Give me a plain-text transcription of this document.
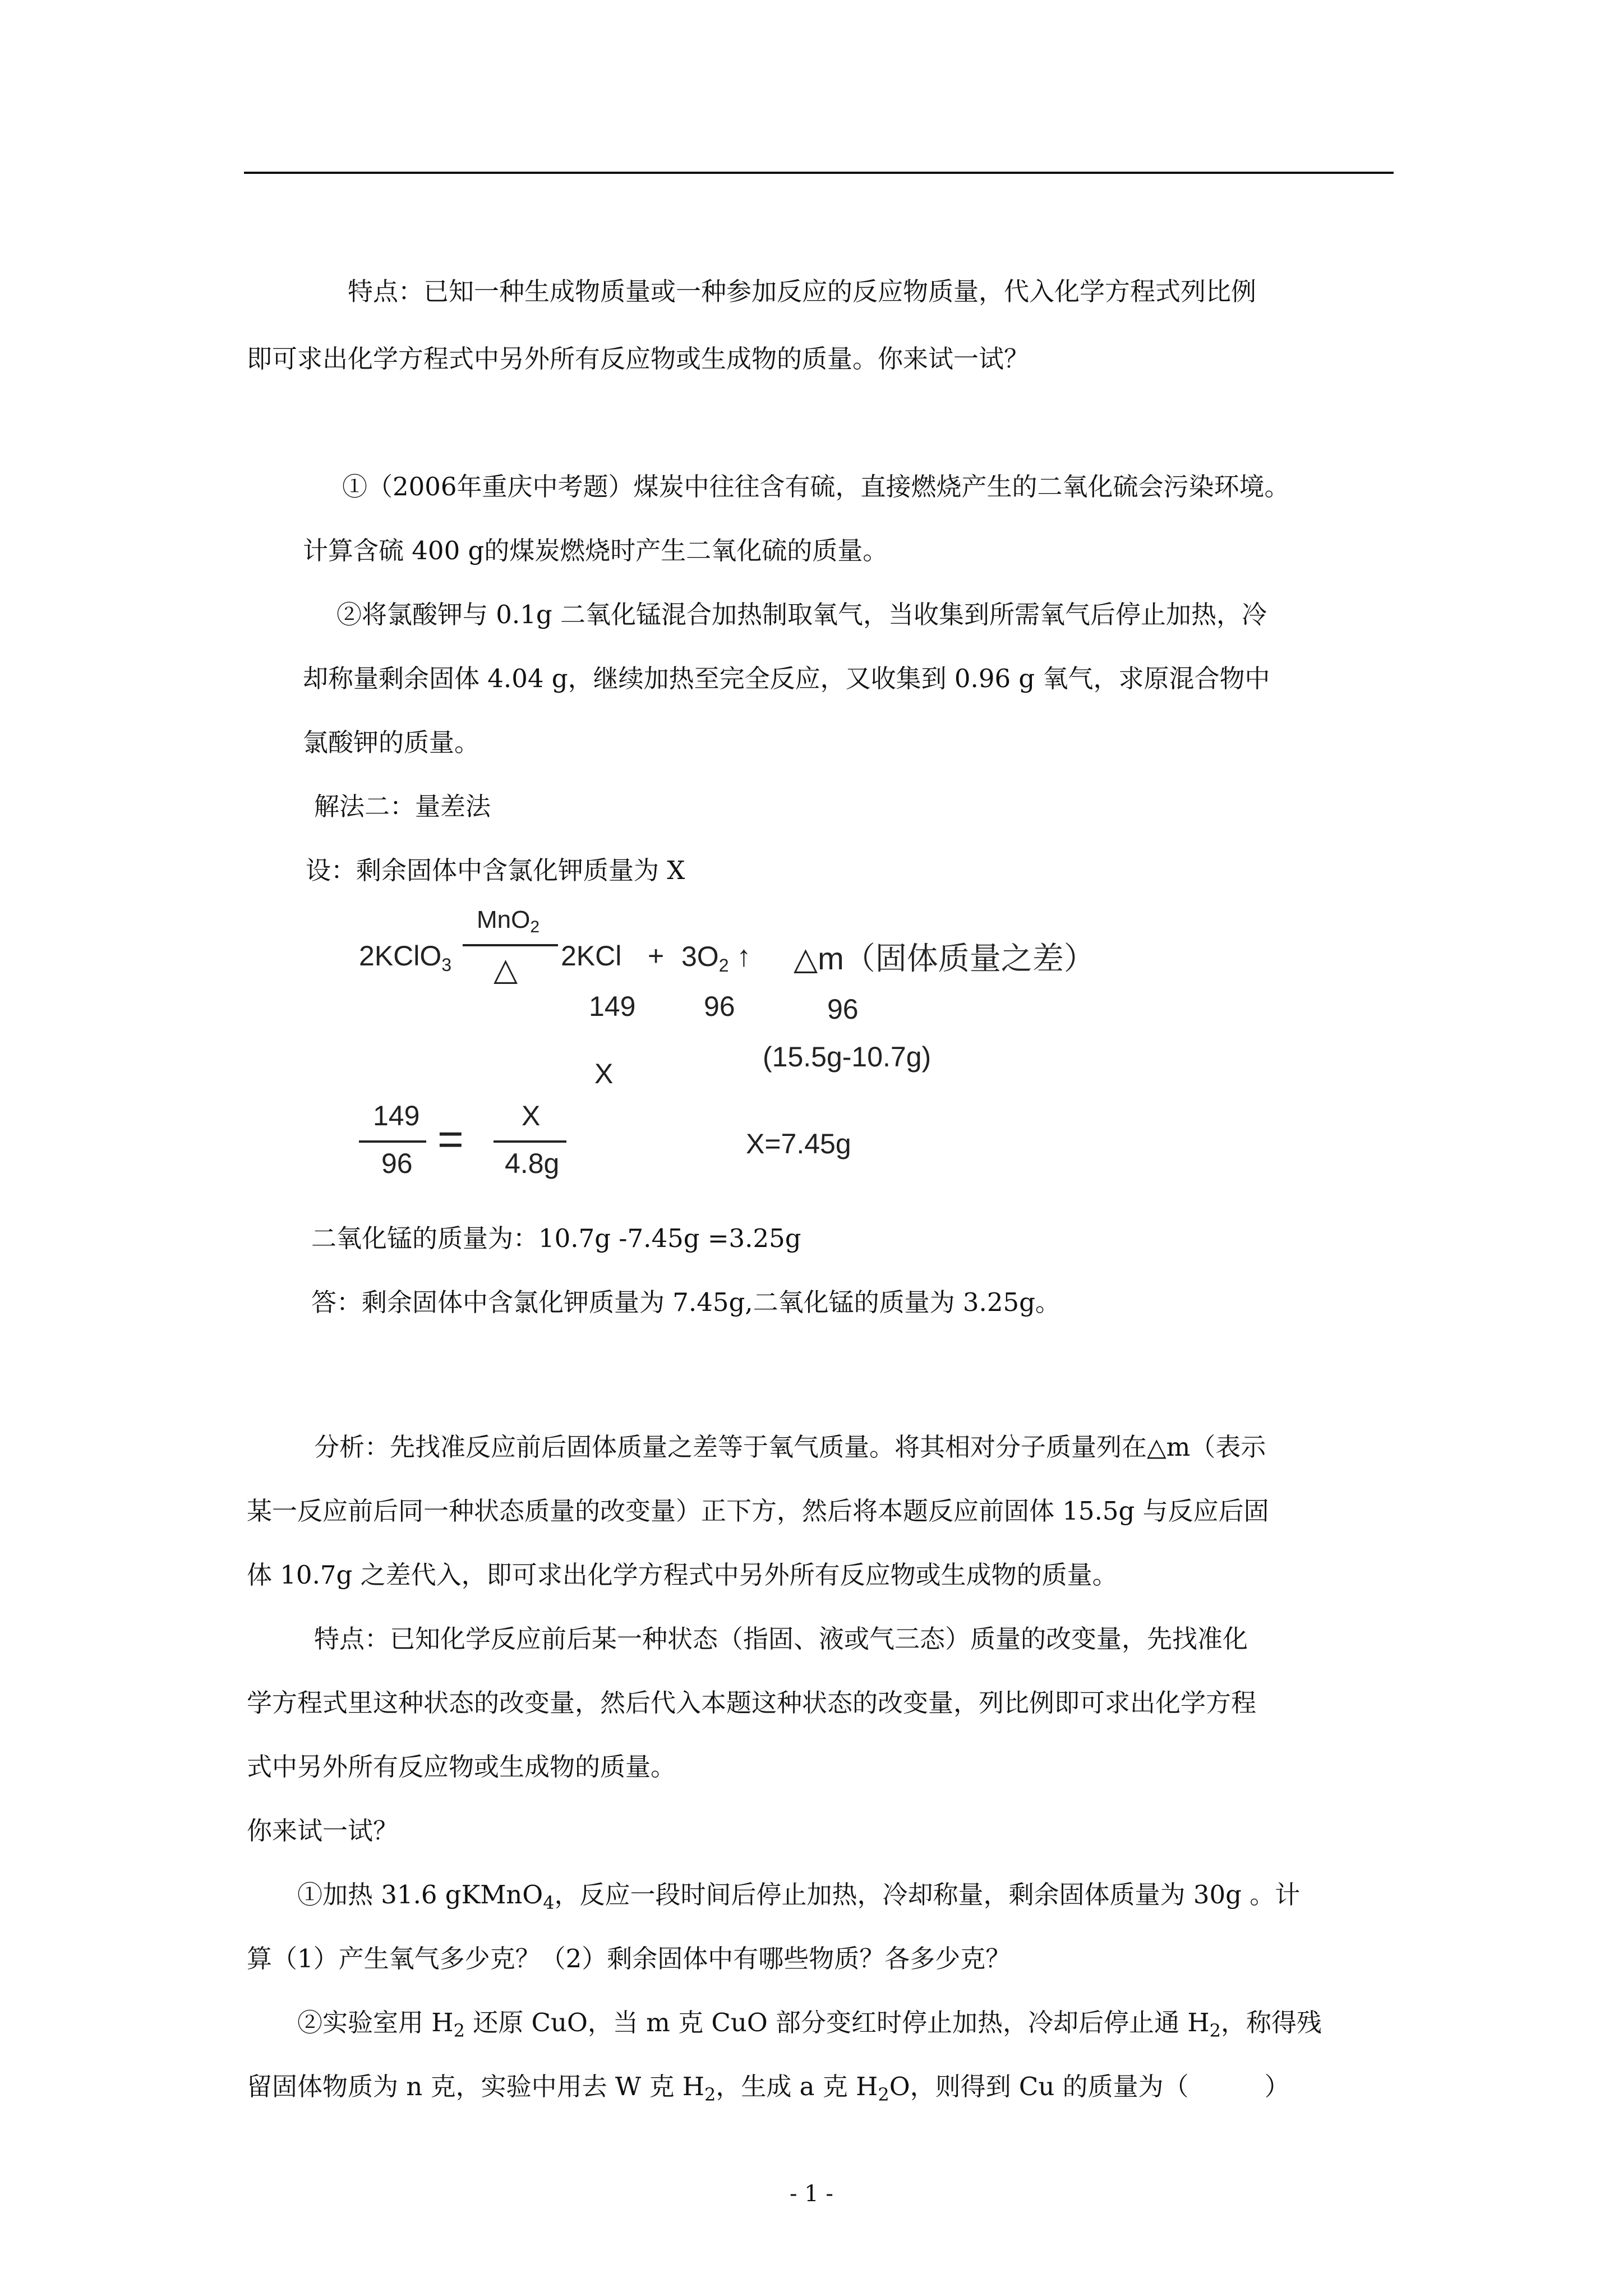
特点：已知一种生成物质量或一种参加反应的反应物质量，代入化学方程式列比例

即可求出化学方程式中另外所有反应物或生成物的质量。你来试一试？

①（2006年重庆中考题）煤炭中往往含有硫，直接燃烧产生的二氧化硫会污染环境。

计算含硫 400 g的煤炭燃烧时产生二氧化硫的质量。

②将氯酸钾与 0.1g 二氧化锰混合加热制取氧气，当收集到所需氧气后停止加热，冷

却称量剩余固体 4.04 g，继续加热至完全反应，又收集到 0.96 g 氧气，求原混合物中

氯酸钾的质量。

解法二：量差法

设：剩余固体中含氯化钾质量为 X

2KClO$_3$
MnO2
△ $2KCl + 3O_2$ ↑ △m（固体质量之差）
149 96	96
(15.5g-10.7g)
X
149
96 = X
4.8g
X=7.45g

二氧化锰的质量为：10.7g -7.45g =3.25g

答：剩余固体中含氯化钾质量为 7.45g,二氧化锰的质量为 3.25g。

分析：先找准反应前后固体质量之差等于氧气质量。将其相对分子质量列在△m（表示

某一反应前后同一种状态质量的改变量）正下方，然后将本题反应前固体 15.5g 与反应后固

体 10.7g 之差代入，即可求出化学方程式中另外所有反应物或生成物的质量。

特点：已知化学反应前后某一种状态（指固、液或气三态）质量的改变量，先找准化

学方程式里这种状态的改变量，然后代入本题这种状态的改变量，列比例即可求出化学方程

式中另外所有反应物或生成物的质量。

你来试一试？

①加热 31.6 gKMnO$_4$，反应一段时间后停止加热，冷却称量，剩余固体质量为 30g 。计

算（1）产生氧气多少克？（2）剩余固体中有哪些物质？各多少克？

②实验室用 $H_2$ 还原 CuO，当 m 克 CuO 部分变红时停止加热，冷却后停止通 $H_2$，称得残

留固体物质为 n 克，实验中用去 W 克 $H_2$，生成 a 克 $H_2O$，则得到 Cu 的质量为（　　　）

- 1 -
